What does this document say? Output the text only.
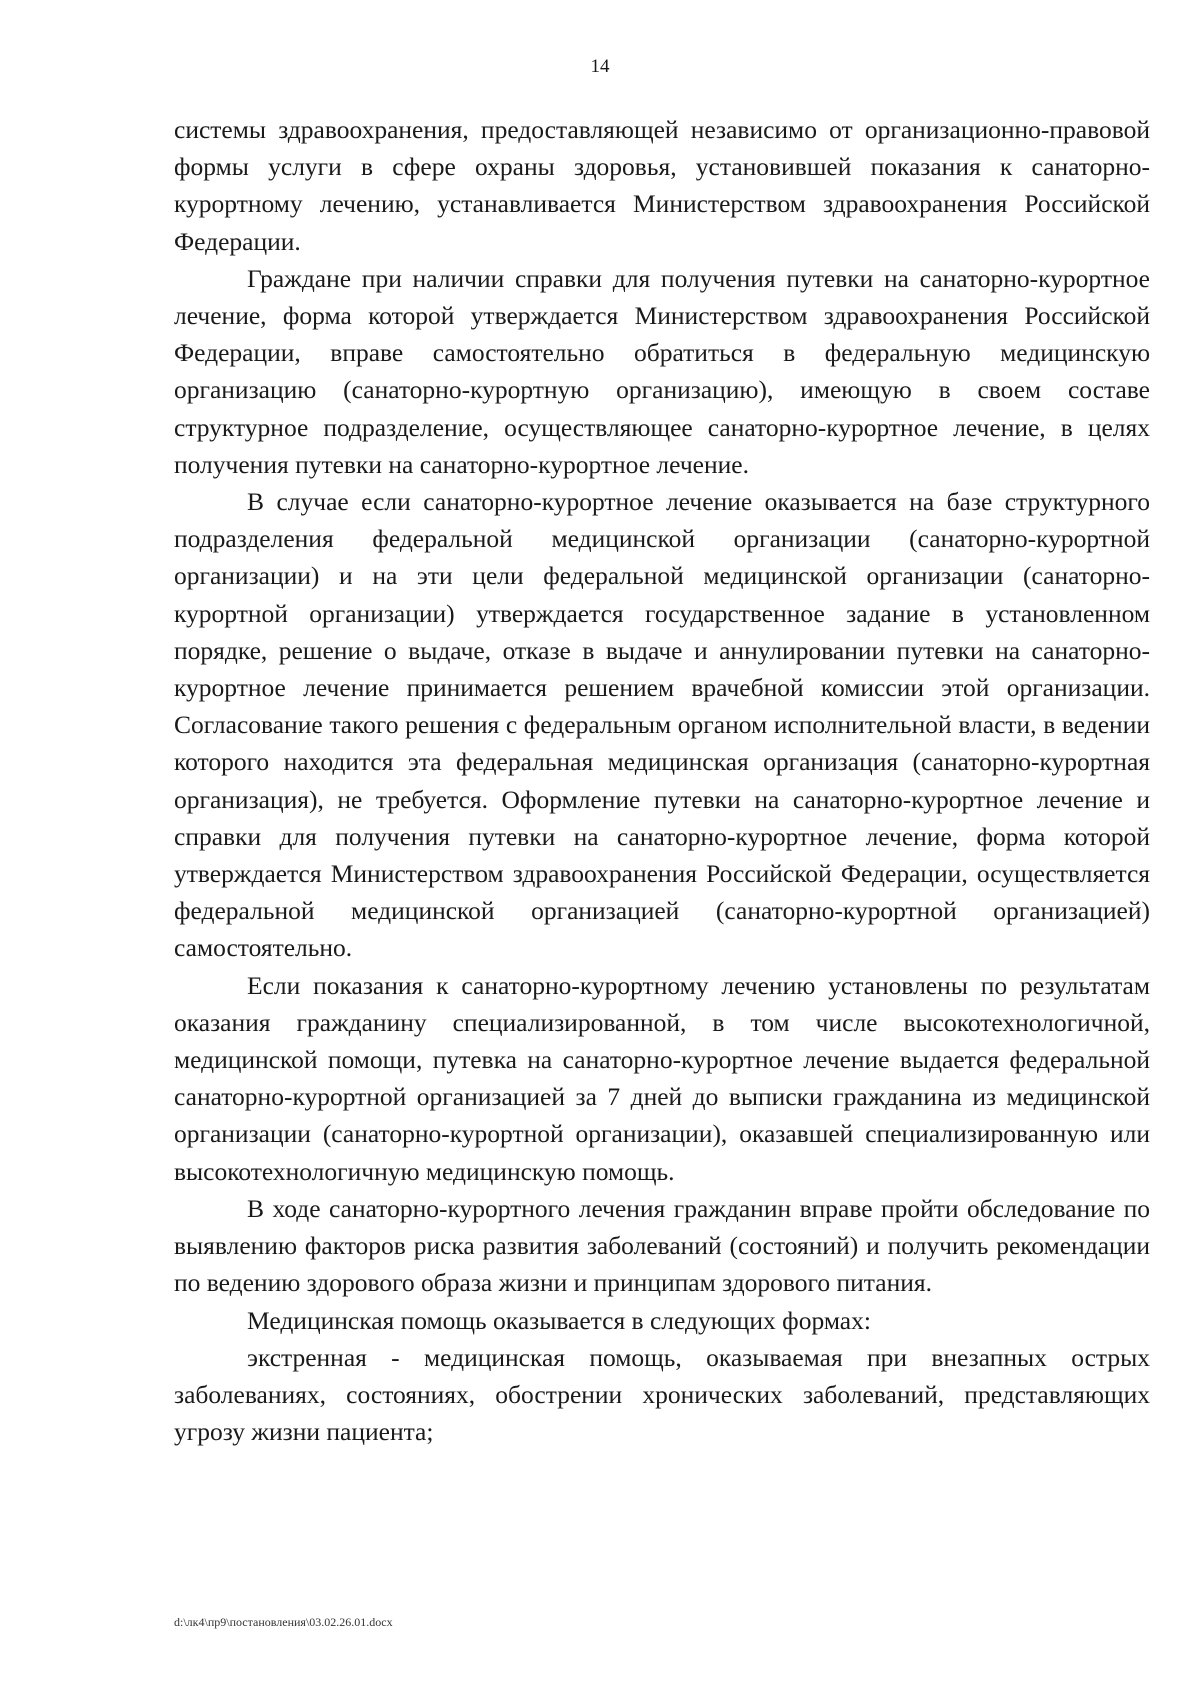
14

системы здравоохранения, предоставляющей независимо от организационно-правовой формы услуги в сфере охраны здоровья, установившей показания к санаторно-курортному лечению, устанавливается Министерством здравоохранения Российской Федерации.

Граждане при наличии справки для получения путевки на санаторно-курортное лечение, форма которой утверждается Министерством здравоохранения Российской Федерации, вправе самостоятельно обратиться в федеральную медицинскую организацию (санаторно-курортную организацию), имеющую в своем составе структурное подразделение, осуществляющее санаторно-курортное лечение, в целях получения путевки на санаторно-курортное лечение.

В случае если санаторно-курортное лечение оказывается на базе структурного подразделения федеральной медицинской организации (санаторно-курортной организации) и на эти цели федеральной медицинской организации (санаторно-курортной организации) утверждается государственное задание в установленном порядке, решение о выдаче, отказе в выдаче и аннулировании путевки на санаторно-курортное лечение принимается решением врачебной комиссии этой организации. Согласование такого решения с федеральным органом исполнительной власти, в ведении которого находится эта федеральная медицинская организация (санаторно-курортная организация), не требуется. Оформление путевки на санаторно-курортное лечение и справки для получения путевки на санаторно-курортное лечение, форма которой утверждается Министерством здравоохранения Российской Федерации, осуществляется федеральной медицинской организацией (санаторно-курортной организацией) самостоятельно.

Если показания к санаторно-курортному лечению установлены по результатам оказания гражданину специализированной, в том числе высокотехнологичной, медицинской помощи, путевка на санаторно-курортное лечение выдается федеральной санаторно-курортной организацией за 7 дней до выписки гражданина из медицинской организации (санаторно-курортной организации), оказавшей специализированную или высокотехнологичную медицинскую помощь.

В ходе санаторно-курортного лечения гражданин вправе пройти обследование по выявлению факторов риска развития заболеваний (состояний) и получить рекомендации по ведению здорового образа жизни и принципам здорового питания.

Медицинская помощь оказывается в следующих формах:

экстренная - медицинская помощь, оказываемая при внезапных острых заболеваниях, состояниях, обострении хронических заболеваний, представляющих угрозу жизни пациента;

d:\лк4\пр9\постановления\03.02.26.01.docx
